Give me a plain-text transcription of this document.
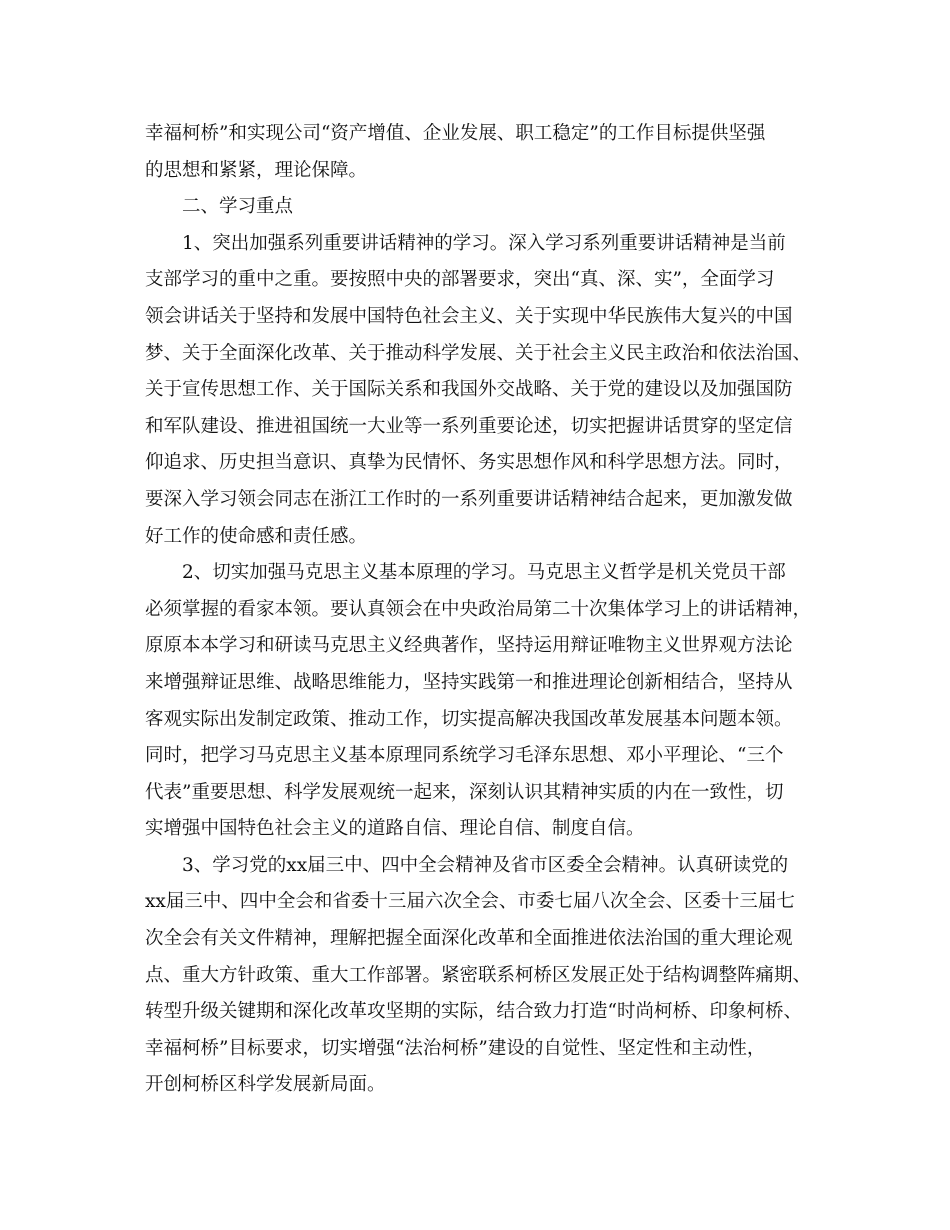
幸福柯桥”和实现公司“资产增值、企业发展、职工稳定”的工作目标提供坚强
的思想和紧紧，理论保障。
二、学习重点
1、突出加强系列重要讲话精神的学习。深入学习系列重要讲话精神是当前
支部学习的重中之重。要按照中央的部署要求，突出“真、深、实”，全面学习
领会讲话关于坚持和发展中国特色社会主义、关于实现中华民族伟大复兴的中国
梦、关于全面深化改革、关于推动科学发展、关于社会主义民主政治和依法治国、
关于宣传思想工作、关于国际关系和我国外交战略、关于党的建设以及加强国防
和军队建设、推进祖国统一大业等一系列重要论述，切实把握讲话贯穿的坚定信
仰追求、历史担当意识、真挚为民情怀、务实思想作风和科学思想方法。同时，
要深入学习领会同志在浙江工作时的一系列重要讲话精神结合起来，更加激发做
好工作的使命感和责任感。
2、切实加强马克思主义基本原理的学习。马克思主义哲学是机关党员干部
必须掌握的看家本领。要认真领会在中央政治局第二十次集体学习上的讲话精神，
原原本本学习和研读马克思主义经典著作，坚持运用辩证唯物主义世界观方法论
来增强辩证思维、战略思维能力，坚持实践第一和推进理论创新相结合，坚持从
客观实际出发制定政策、推动工作，切实提高解决我国改革发展基本问题本领。
同时，把学习马克思主义基本原理同系统学习毛泽东思想、邓小平理论、“三个
代表”重要思想、科学发展观统一起来，深刻认识其精神实质的内在一致性，切
实增强中国特色社会主义的道路自信、理论自信、制度自信。
3、学习党的xx届三中、四中全会精神及省市区委全会精神。认真研读党的
xx届三中、四中全会和省委十三届六次全会、市委七届八次全会、区委十三届七
次全会有关文件精神，理解把握全面深化改革和全面推进依法治国的重大理论观
点、重大方针政策、重大工作部署。紧密联系柯桥区发展正处于结构调整阵痛期、
转型升级关键期和深化改革攻坚期的实际，结合致力打造“时尚柯桥、印象柯桥、
幸福柯桥”目标要求，切实增强“法治柯桥”建设的自觉性、坚定性和主动性，
开创柯桥区科学发展新局面。
